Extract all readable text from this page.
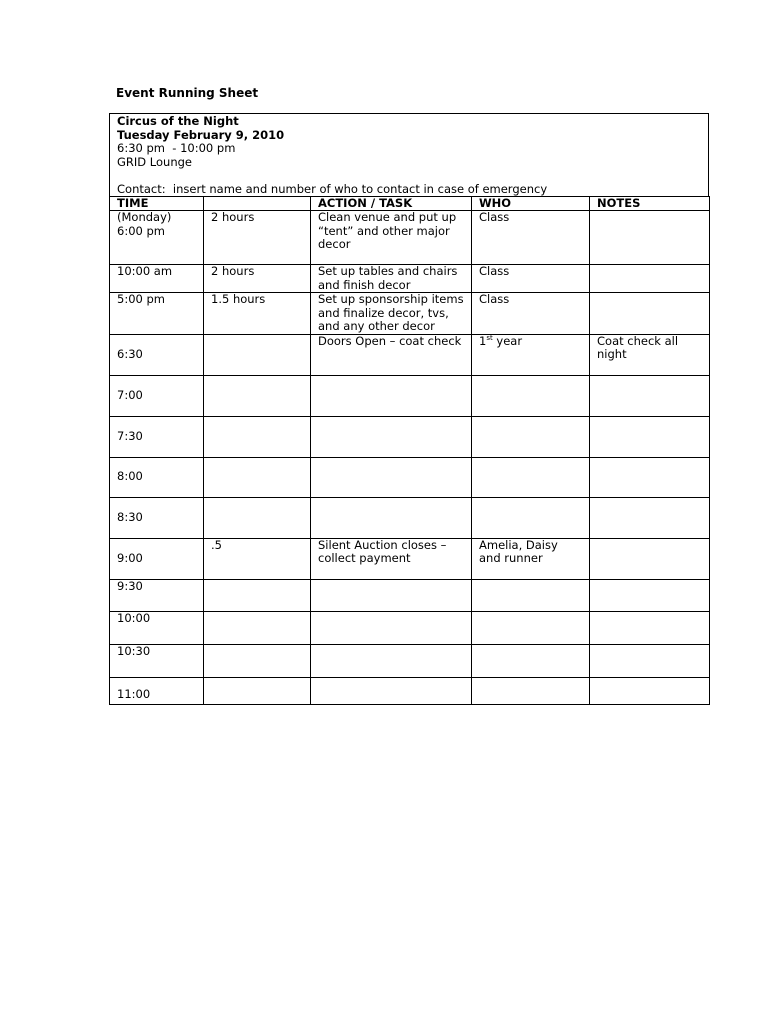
Event Running Sheet
Circus of the Night
Tuesday February 9, 2010
6:30 pm  - 10:00 pm
GRID Lounge
Contact:  insert name and number of who to contact in case of emergency
TIME		ACTION / TASK	WHO	NOTES
(Monday)
6:00 pm	2 hours	Clean venue and put up “tent” and other major decor	Class	
10:00 am	2 hours	Set up tables and chairs and finish decor	Class	
5:00 pm	1.5 hours	Set up sponsorship items and finalize decor, tvs, and any other decor	Class	
6:30		Doors Open – coat check	1st year	Coat check all night
7:00				
7:30				
8:00				
8:30				
9:00	.5	Silent Auction closes – collect payment	Amelia, Daisy and runner	
9:30				
10:00				
10:30				
11:00				
